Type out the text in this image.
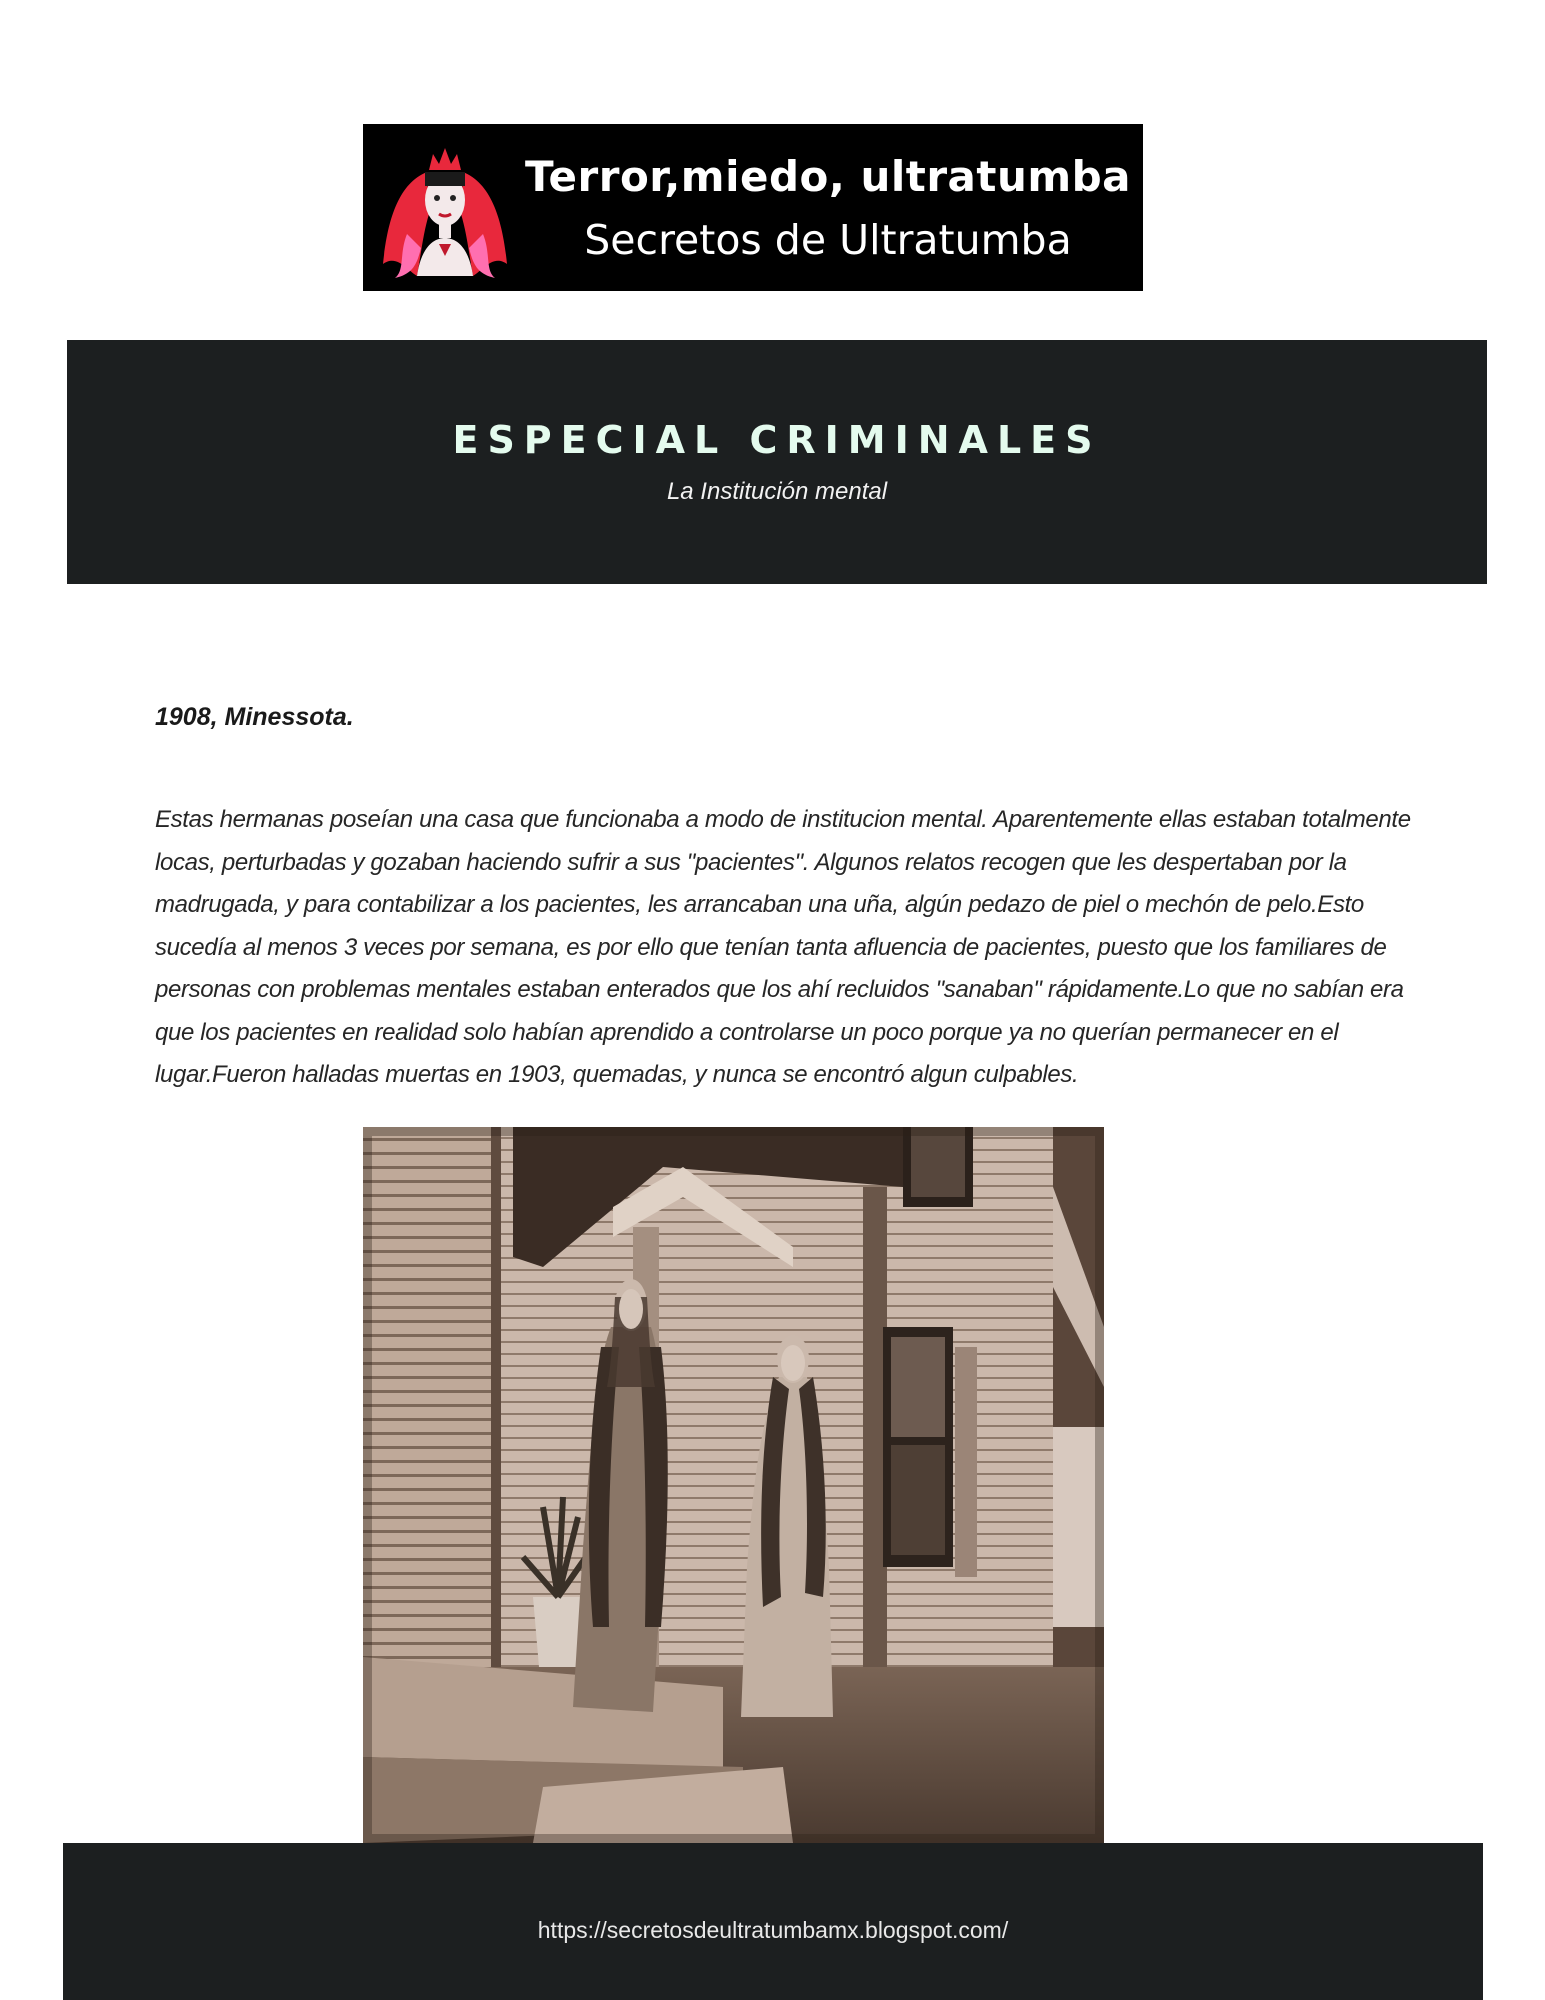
Terror,miedo, ultratumba
Secretos de Ultratumba
ESPECIAL CRIMINALES
La Institución mental
1908, Minessota.

Estas hermanas poseían una casa que funcionaba a modo de institucion mental. Aparentemente ellas estaban totalmente locas, perturbadas y gozaban haciendo sufrir a sus "pacientes". Algunos relatos recogen que les despertaban por la madrugada, y para contabilizar a los pacientes, les arrancaban una uña, algún pedazo de piel o mechón de pelo.Esto sucedía al menos 3 veces por semana, es por ello que tenían tanta afluencia de pacientes, puesto que los familiares de personas con problemas mentales estaban enterados que los ahí recluidos "sanaban" rápidamente.Lo que no sabían era que los pacientes en realidad solo habían aprendido a controlarse un poco porque ya no querían permanecer en el lugar.Fueron halladas muertas en 1903, quemadas, y nunca se encontró algun culpables.

https://secretosdeultratumbamx.blogspot.com/
